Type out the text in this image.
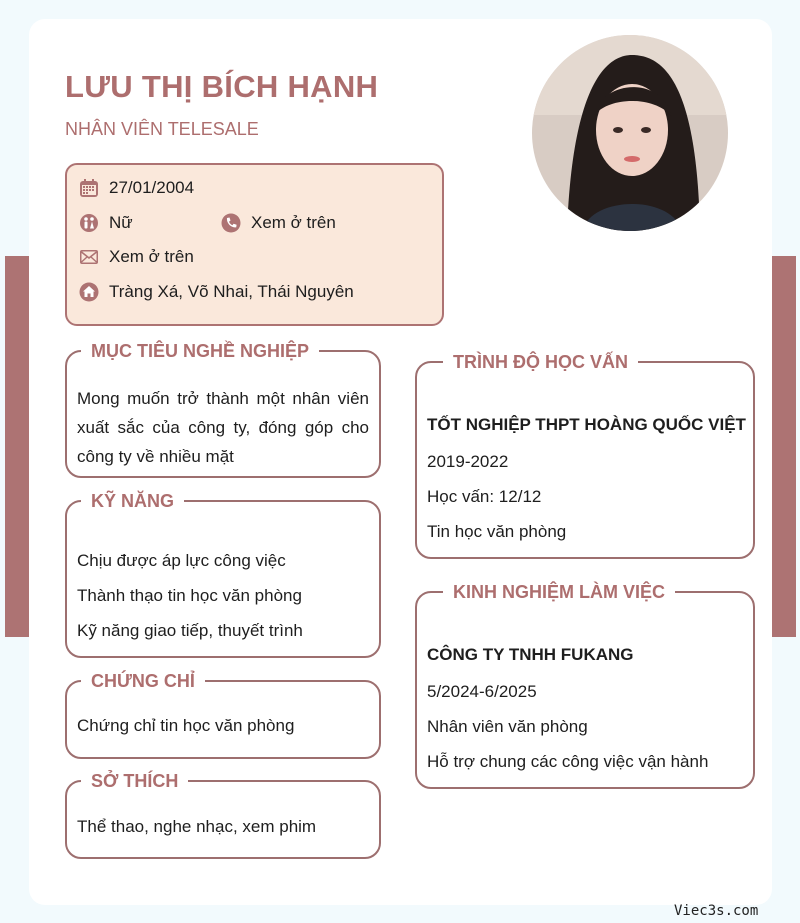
LƯU THỊ BÍCH HẠNH
NHÂN VIÊN TELESALE
27/01/2004
Nữ	Xem ở trên
Xem ở trên
Tràng Xá, Võ Nhai, Thái Nguyên
MỤC TIÊU NGHỀ NGHIỆP
Mong muốn trở thành một nhân viên xuất sắc của công ty, đóng góp cho công ty về nhiều mặt
KỸ NĂNG
Chịu được áp lực công việc
Thành thạo tin học văn phòng
Kỹ năng giao tiếp, thuyết trình
CHỨNG CHỈ
Chứng chỉ tin học văn phòng
SỞ THÍCH
Thể thao, nghe nhạc, xem phim
TRÌNH ĐỘ HỌC VẤN
TỐT NGHIỆP THPT HOÀNG QUỐC VIỆT
2019-2022
Học vấn: 12/12
Tin học văn phòng
KINH NGHIỆM LÀM VIỆC
CÔNG TY TNHH FUKANG
5/2024-6/2025
Nhân viên văn phòng
Hỗ trợ chung các công việc vận hành
Viec3s.com
